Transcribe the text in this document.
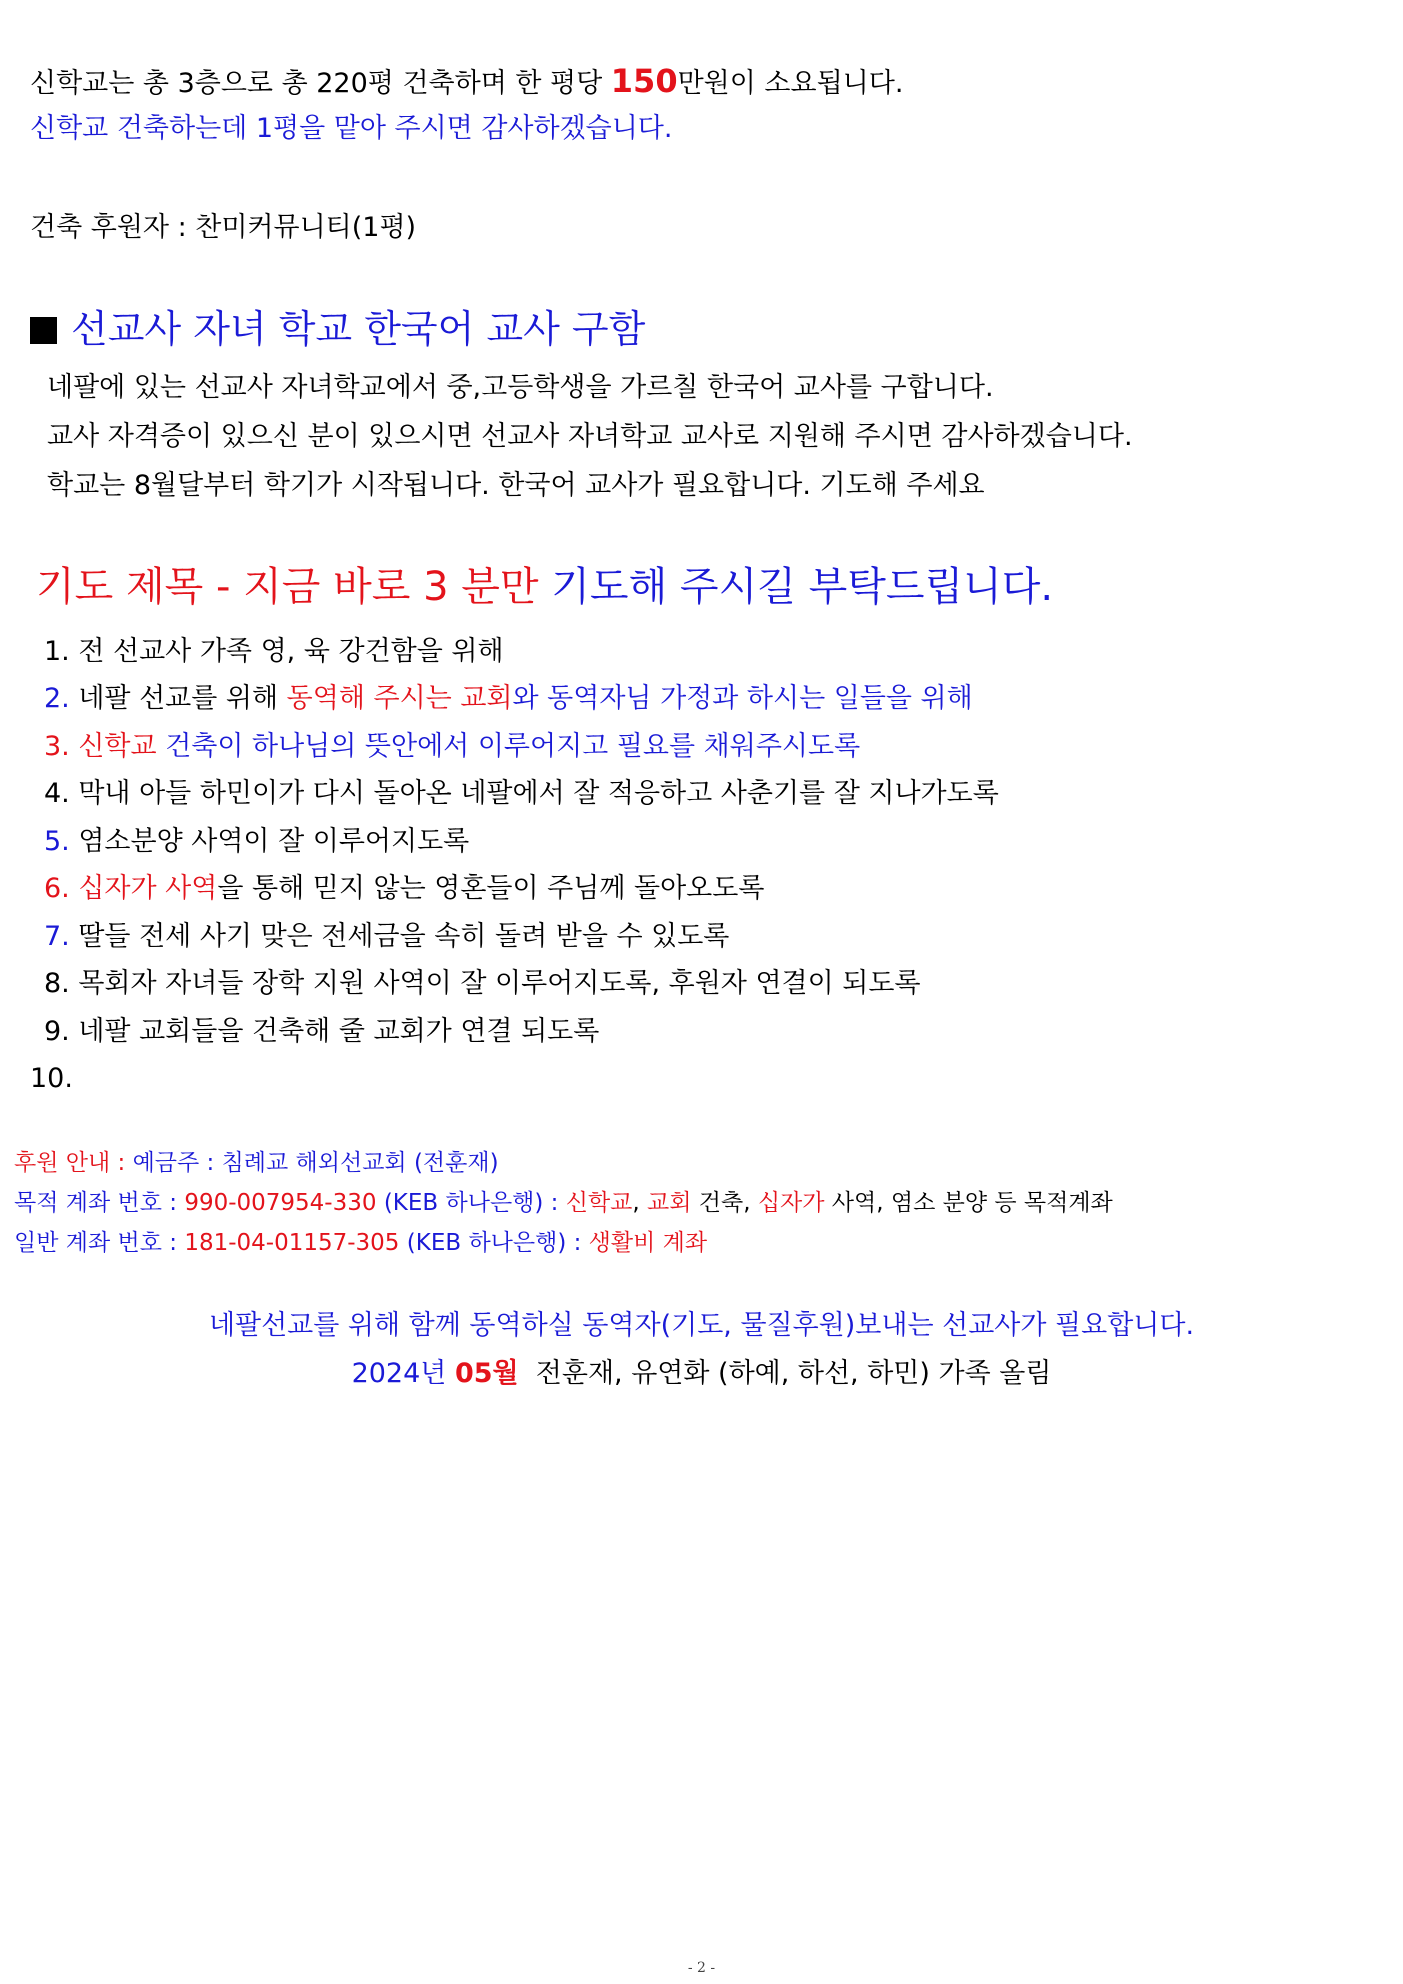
신학교는 총 3층으로 총 220평 건축하며 한 평당 150만원이 소요됩니다.
신학교 건축하는데 1평을 맡아 주시면 감사하겠습니다.
건축 후원자 : 찬미커뮤니티(1평)
선교사 자녀 학교 한국어 교사 구함
네팔에 있는 선교사 자녀학교에서 중,고등학생을 가르칠 한국어 교사를 구합니다.
교사 자격증이 있으신 분이 있으시면 선교사 자녀학교 교사로 지원해 주시면 감사하겠습니다.
학교는 8월달부터 학기가 시작됩니다. 한국어 교사가 필요합니다. 기도해 주세요
기도 제목 - 지금 바로 3 분만 기도해 주시길 부탁드립니다.
1. 전 선교사 가족 영, 육 강건함을 위해
2. 네팔 선교를 위해 동역해 주시는 교회와 동역자님 가정과 하시는 일들을 위해
3. 신학교 건축이 하나님의 뜻안에서 이루어지고 필요를 채워주시도록
4. 막내 아들 하민이가 다시 돌아온 네팔에서 잘 적응하고 사춘기를 잘 지나가도록
5. 염소분양 사역이 잘 이루어지도록
6. 십자가 사역을 통해 믿지 않는 영혼들이 주님께 돌아오도록
7. 딸들 전세 사기 맞은 전세금을 속히 돌려 받을 수 있도록
8. 목회자 자녀들 장학 지원 사역이 잘 이루어지도록, 후원자 연결이 되도록
9. 네팔 교회들을 건축해 줄 교회가 연결 되도록
10.
후원 안내 : 예금주 : 침례교 해외선교회 (전훈재)
목적 계좌 번호 : 990-007954-330 (KEB 하나은행) : 신학교, 교회 건축, 십자가 사역, 염소 분양 등 목적계좌
일반 계좌 번호 : 181-04-01157-305 (KEB 하나은행) : 생활비 계좌
네팔선교를 위해 함께 동역하실 동역자(기도, 물질후원)보내는 선교사가 필요합니다.
2024년 05월  전훈재, 유연화 (하예, 하선, 하민) 가족 올림
- 2 -
